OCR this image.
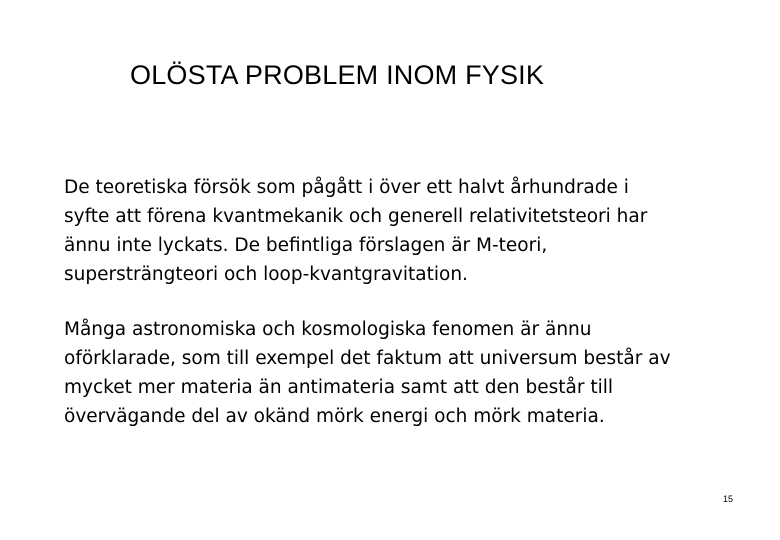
OLÖSTA PROBLEM INOM FYSIK
De teoretiska försök som pågått i över ett halvt århundrade i
syfte att förena kvantmekanik och generell relativitetsteori har
ännu inte lyckats. De befintliga förslagen är M-teori,
supersträngteori och loop-kvantgravitation.
Många astronomiska och kosmologiska fenomen är ännu
oförklarade, som till exempel det faktum att universum består av
mycket mer materia än antimateria samt att den består till
övervägande del av okänd mörk energi och mörk materia.
15
